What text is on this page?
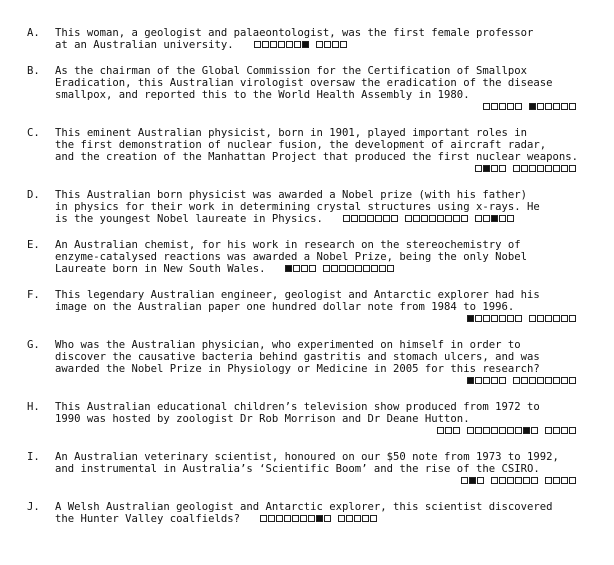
A.	This woman, a geologist and palaeontologist, was the first female professor
at an Australian university.
B.	As the chairman of the Global Commission for the Certification of Smallpox
Eradication, this Australian virologist oversaw the eradication of the disease
smallpox, and reported this to the World Health Assembly in 1980.

C.	This eminent Australian physicist, born in 1901, played important roles in
the first demonstration of nuclear fusion, the development of aircraft radar,
and the creation of the Manhattan Project that produced the first nuclear weapons.

D.	This Australian born physicist was awarded a Nobel prize (with his father)
in physics for their work in determining crystal structures using x-rays. He
is the youngest Nobel laureate in Physics.
E.	An Australian chemist, for his work in research on the stereochemistry of
enzyme-catalysed reactions was awarded a Nobel Prize, being the only Nobel
Laureate born in New South Wales.
F.	This legendary Australian engineer, geologist and Antarctic explorer had his
image on the Australian paper one hundred dollar note from 1984 to 1996.

G.	Who was the Australian physician, who experimented on himself in order to
discover the causative bacteria behind gastritis and stomach ulcers, and was
awarded the Nobel Prize in Physiology or Medicine in 2005 for this research?

H.	This Australian educational children’s television show produced from 1972 to
1990 was hosted by zoologist Dr Rob Morrison and Dr Deane Hutton.

I.	An Australian veterinary scientist, honoured on our $50 note from 1973 to 1992,
and instrumental in Australia’s ‘Scientific Boom’ and the rise of the CSIRO.

J.	A Welsh Australian geologist and Antarctic explorer, this scientist discovered
the Hunter Valley coalfields?
